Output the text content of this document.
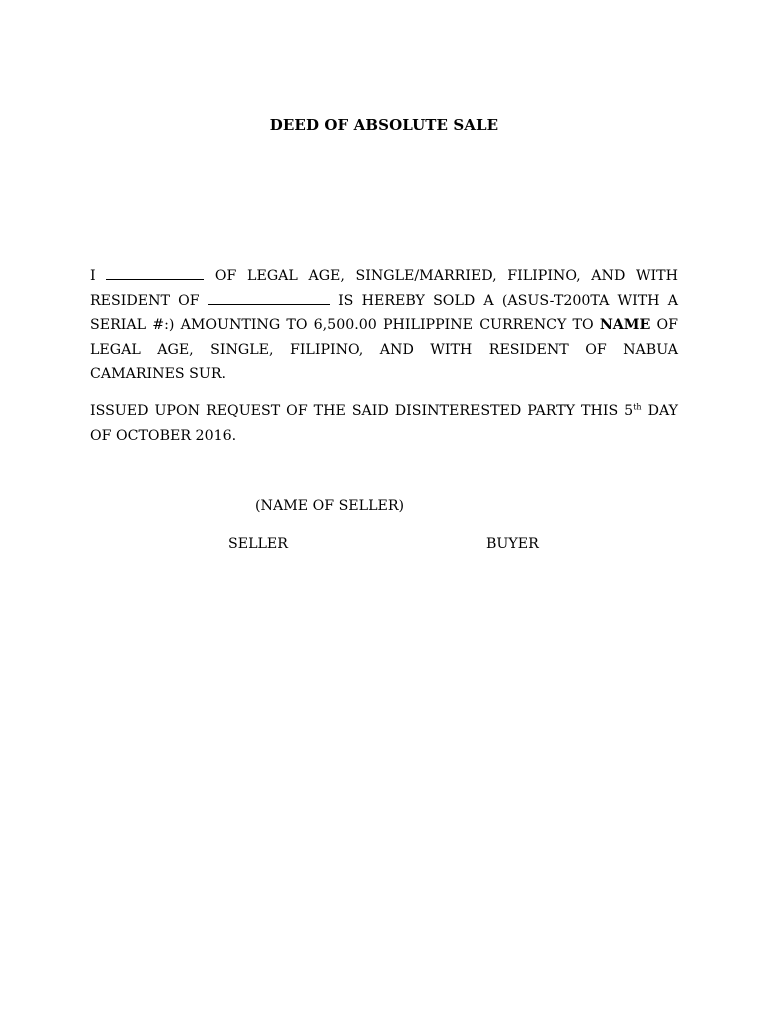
DEED OF ABSOLUTE SALE
I	OF LEGAL AGE, SINGLE/MARRIED, FILIPINO, AND WITH RESIDENT OF	IS HEREBY SOLD A (ASUS-T200TA WITH A SERIAL #:) AMOUNTING TO 6,500.00 PHILIPPINE CURRENCY TO NAME OF LEGAL AGE, SINGLE, FILIPINO, AND WITH RESIDENT OF NABUA CAMARINES SUR.
ISSUED UPON REQUEST OF THE SAID DISINTERESTED PARTY THIS 5th DAY OF OCTOBER 2016.
(NAME OF SELLER)
SELLER	BUYER
